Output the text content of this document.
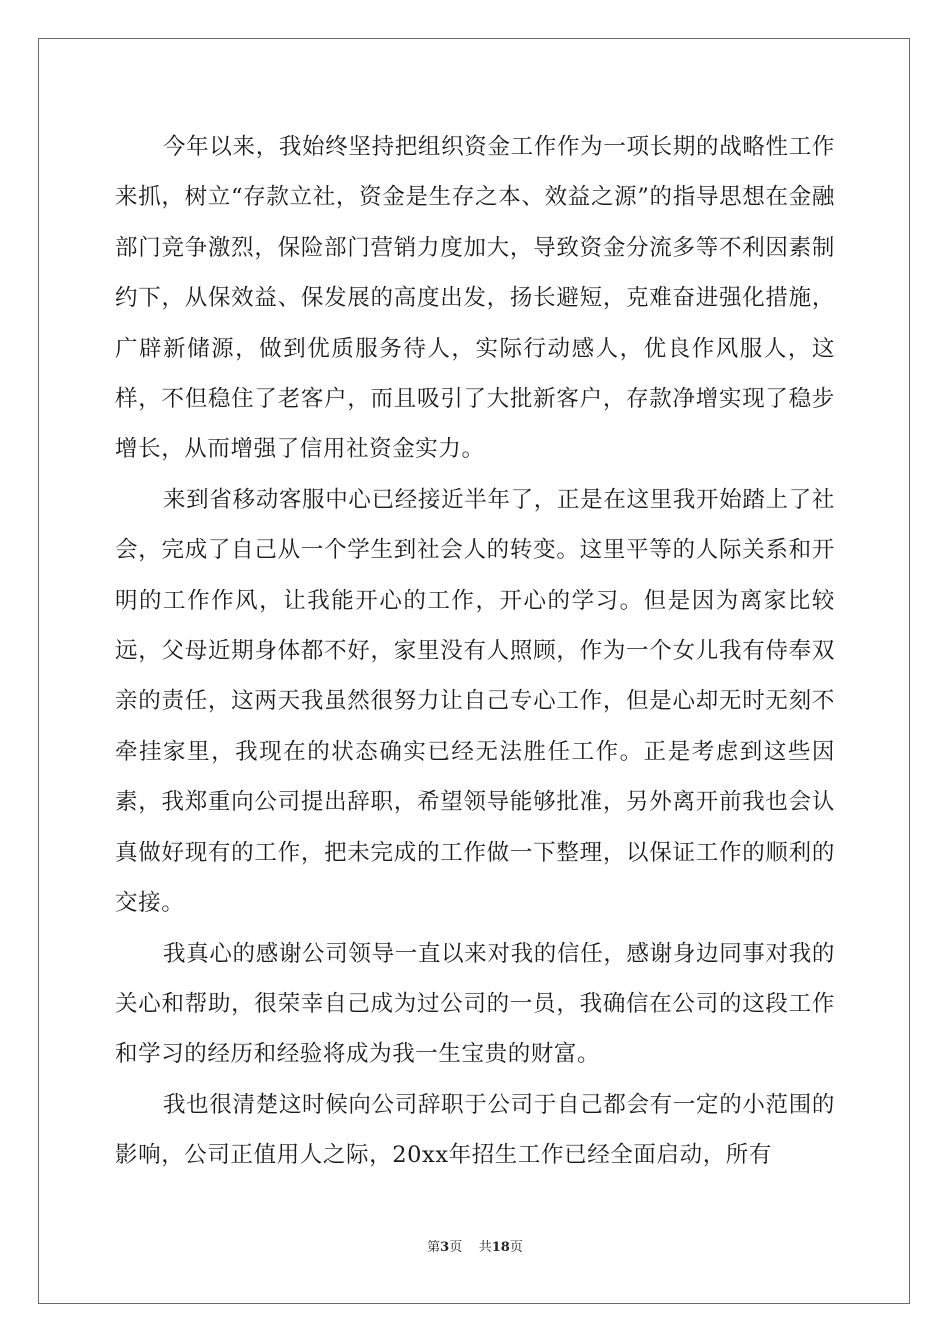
今年以来，我始终坚持把组织资金工作作为一项长期的战略性工作来抓，树立“存款立社，资金是生存之本、效益之源”的指导思想在金融部门竞争激烈，保险部门营销力度加大，导致资金分流多等不利因素制约下，从保效益、保发展的高度出发，扬长避短，克难奋进强化措施，广辟新储源，做到优质服务待人，实际行动感人，优良作风服人，这样，不但稳住了老客户，而且吸引了大批新客户，存款净增实现了稳步增长，从而增强了信用社资金实力。

来到省移动客服中心已经接近半年了，正是在这里我开始踏上了社会，完成了自己从一个学生到社会人的转变。这里平等的人际关系和开明的工作作风，让我能开心的工作，开心的学习。但是因为离家比较远，父母近期身体都不好，家里没有人照顾，作为一个女儿我有侍奉双亲的责任，这两天我虽然很努力让自己专心工作，但是心却无时无刻不牵挂家里，我现在的状态确实已经无法胜任工作。正是考虑到这些因素，我郑重向公司提出辞职，希望领导能够批准，另外离开前我也会认真做好现有的工作，把未完成的工作做一下整理，以保证工作的顺利的交接。

我真心的感谢公司领导一直以来对我的信任，感谢身边同事对我的关心和帮助，很荣幸自己成为过公司的一员，我确信在公司的这段工作和学习的经历和经验将成为我一生宝贵的财富。

我也很清楚这时候向公司辞职于公司于自己都会有一定的小范围的影响，公司正值用人之际，20xx年招生工作已经全面启动，所有

第3页 共18页
